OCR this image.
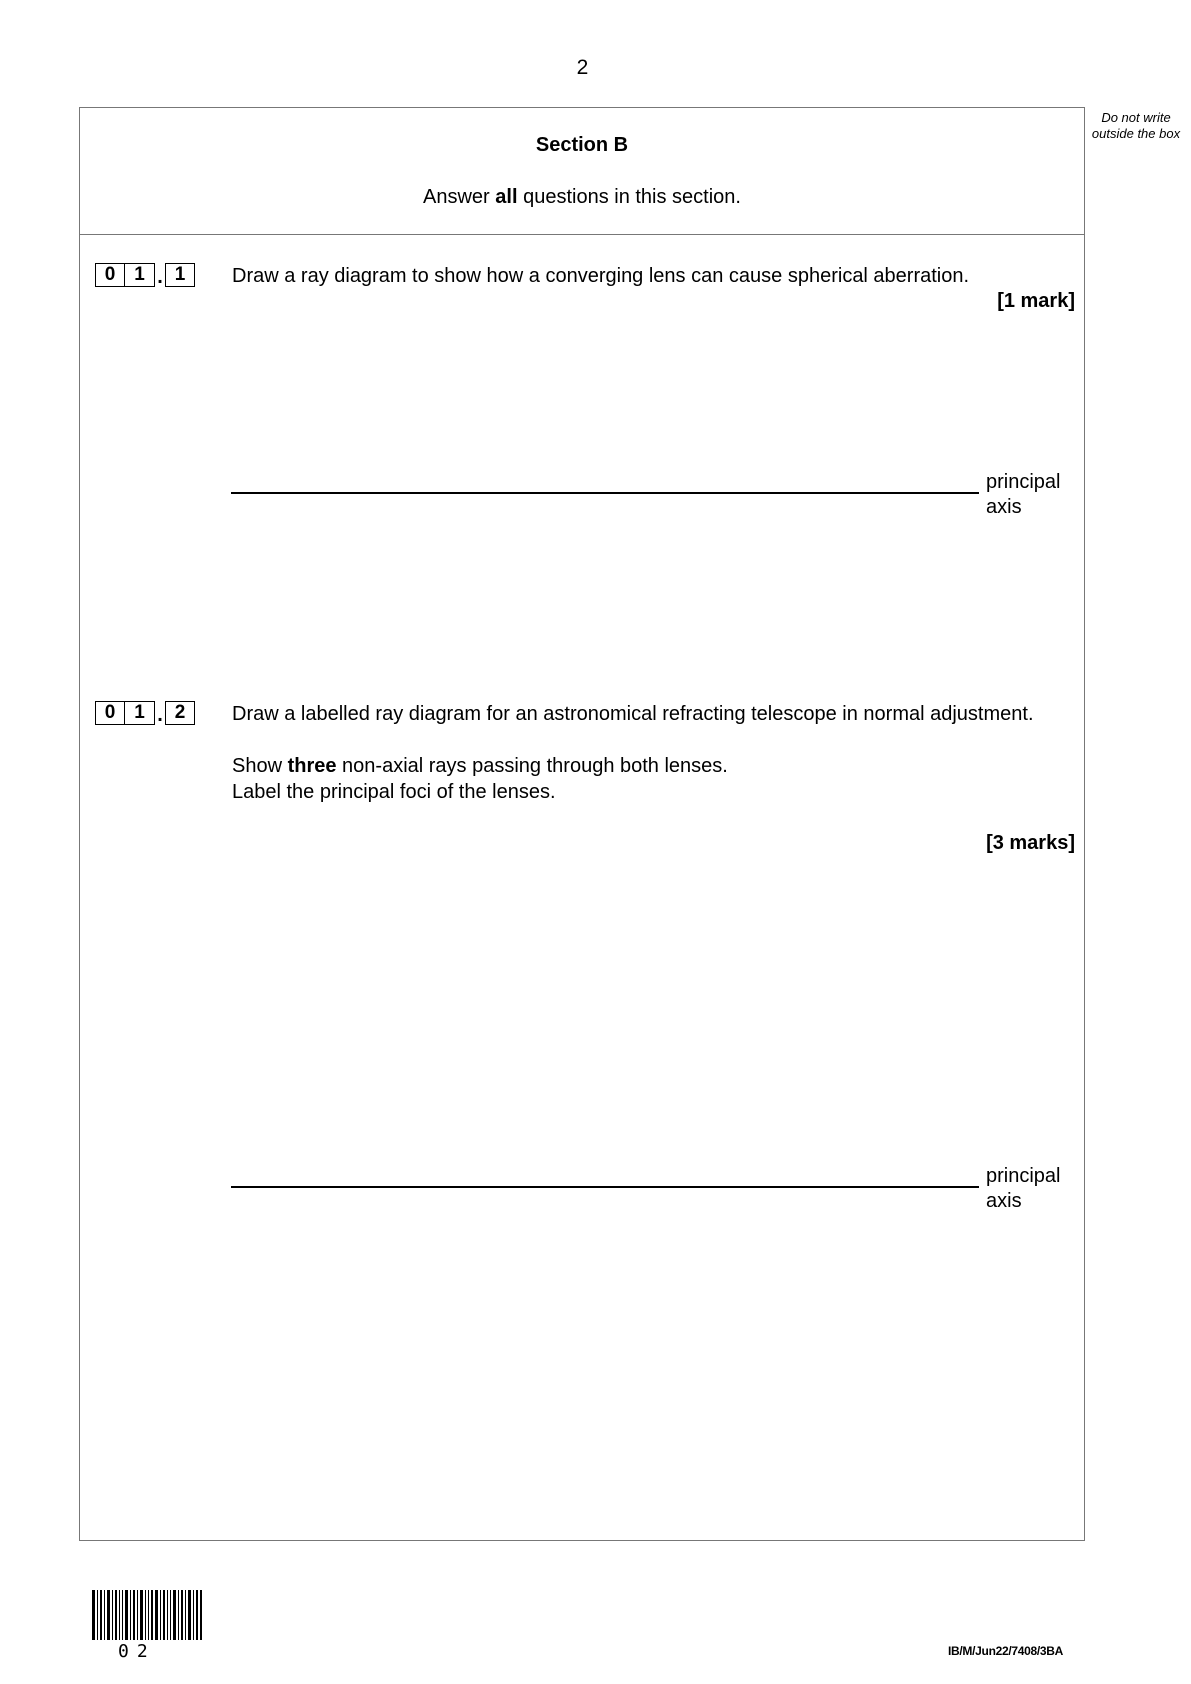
2
Do not write outside the box
Section B
Answer all questions in this section.
0 1 . 1	Draw a ray diagram to show how a converging lens can cause spherical aberration.

[1 mark]
principal
axis
0 1 . 2	Draw a labelled ray diagram for an astronomical refracting telescope in normal adjustment.

Show three non-axial rays passing through both lenses.
Label the principal foci of the lenses.

[3 marks]
principal
axis
02	IB/M/Jun22/7408/3BA
